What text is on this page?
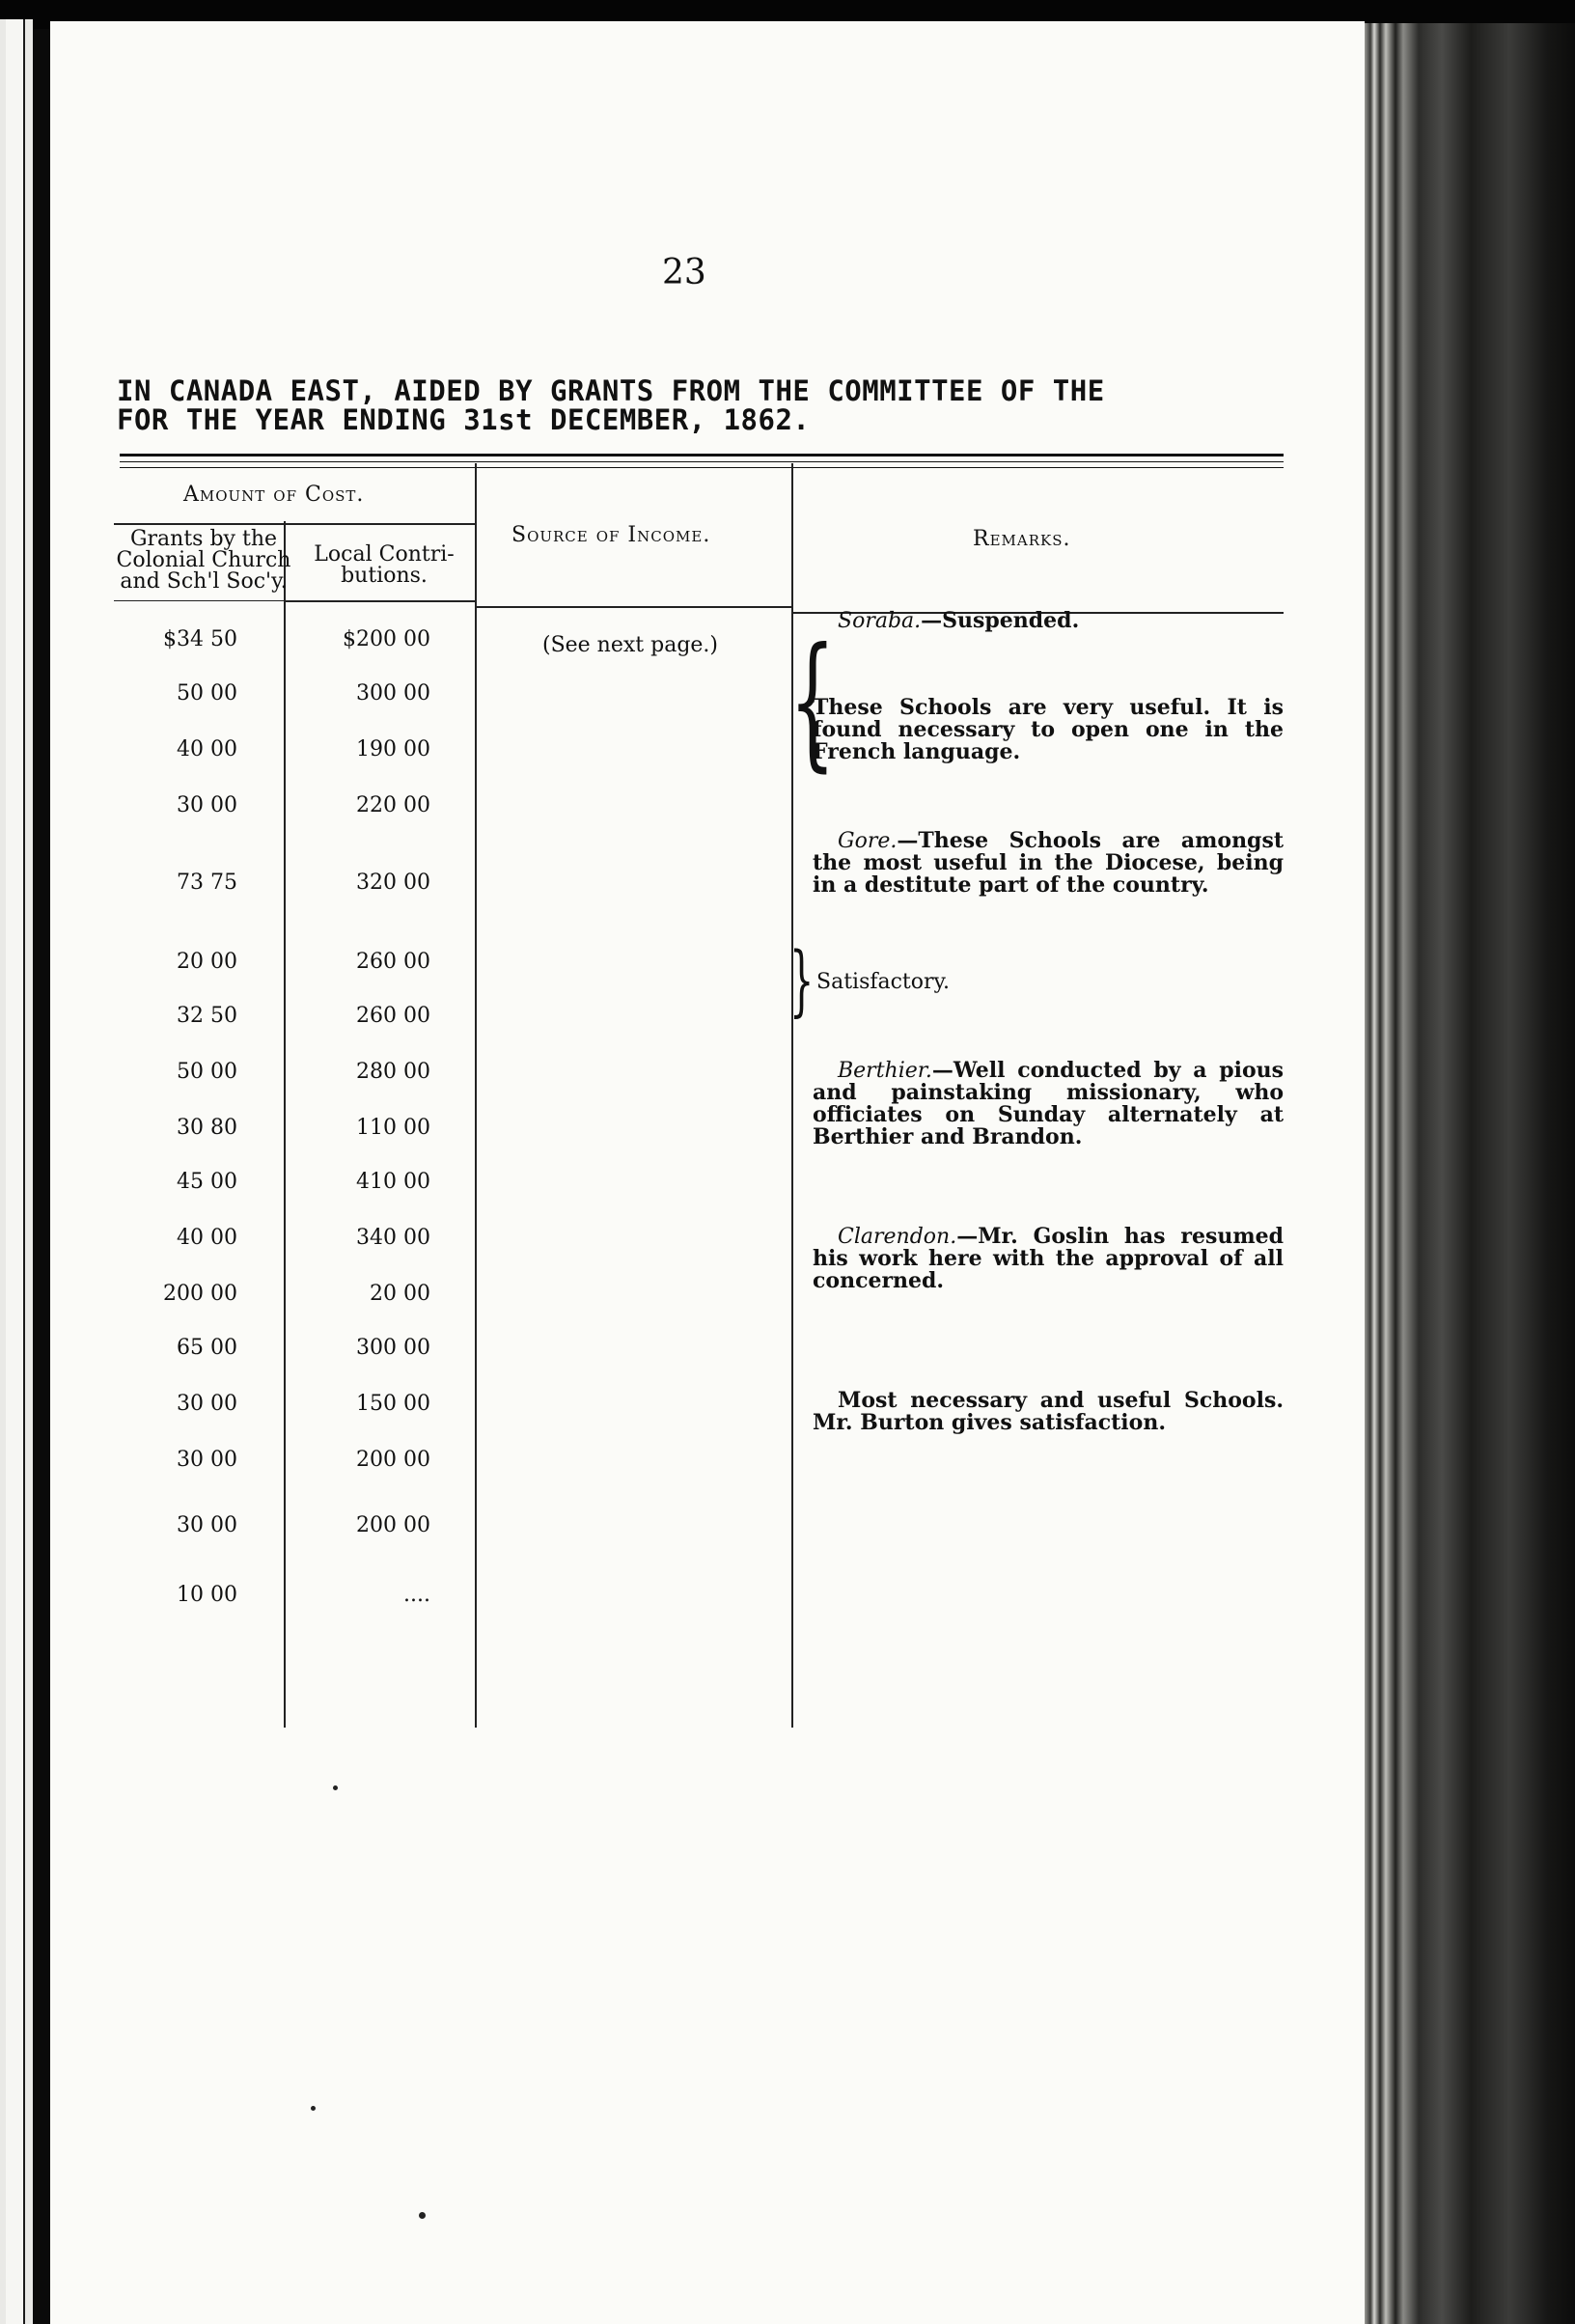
23
IN CANADA EAST, AIDED BY GRANTS FROM THE COMMITTEE OF THE
FOR THE YEAR ENDING 31st DECEMBER, 1862.
Amount of Cost.
Grants by the
Colonial Church
and Sch'l Soc'y.
Local Contri-
butions.
Source of Income.	Remarks.
$34 50
50 00
40 00
30 00
73 75
20 00
32 50
50 00
30 80
45 00
40 00
200 00
65 00
30 00
30 00
30 00
10 00
$200 00
300 00
190 00
220 00
320 00
260 00
260 00
280 00
110 00
410 00
340 00
20 00
300 00
150 00
200 00
200 00
....
(See next page.)
Soraba.—Suspended.
{
These Schools are very useful. It is found necessary to open one in the French language.
Gore.—These Schools are amongst the most useful in the Diocese, being in a destitute part of the country.
} Satisfactory.
Berthier.—Well conducted by a pious and painstaking missionary, who officiates on Sunday alternately at Berthier and Brandon.
Clarendon.—Mr. Goslin has resumed his work here with the approval of all concerned.
Most necessary and useful Schools. Mr. Burton gives satisfaction.
